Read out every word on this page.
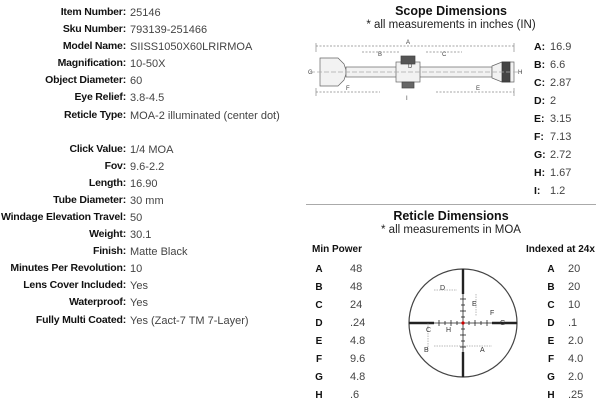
Item Number: 25146
Sku Number: 793139-251466
Model Name: SIISS1050X60LRIRMOA
Magnification: 10-50X
Object Diameter: 60
Eye Relief: 3.8-4.5
Reticle Type: MOA-2 illuminated (center dot)
Click Value: 1/4 MOA
Fov: 9.6-2.2
Length: 16.90
Tube Diameter: 30 mm
Windage Elevation Travel: 50
Weight: 30.1
Finish: Matte Black
Minutes Per Revolution: 10
Lens Cover Included: Yes
Waterproof: Yes
Fully Multi Coated: Yes (Zact-7 TM 7-Layer)
Scope Dimensions
* all measurements in inches (IN)
A
B	C
G
D
H
F	E
I
A: 16.9
B: 6.6
C: 2.87
D: 2
E: 3.15
F: 7.13
G: 2.72
H: 1.67
I: 1.2
Reticle Dimensions
* all measurements in MOA
Min Power	Indexed at 24x
A	48
B	48
C	24
D	.24
E	4.8
F	9.6
G 4.8
H	.6
A	20
B	20
C	10
D	.1
E	2.0
F	4.0
G 2.0
H	.25
D
E
F
G
C H
B	A
